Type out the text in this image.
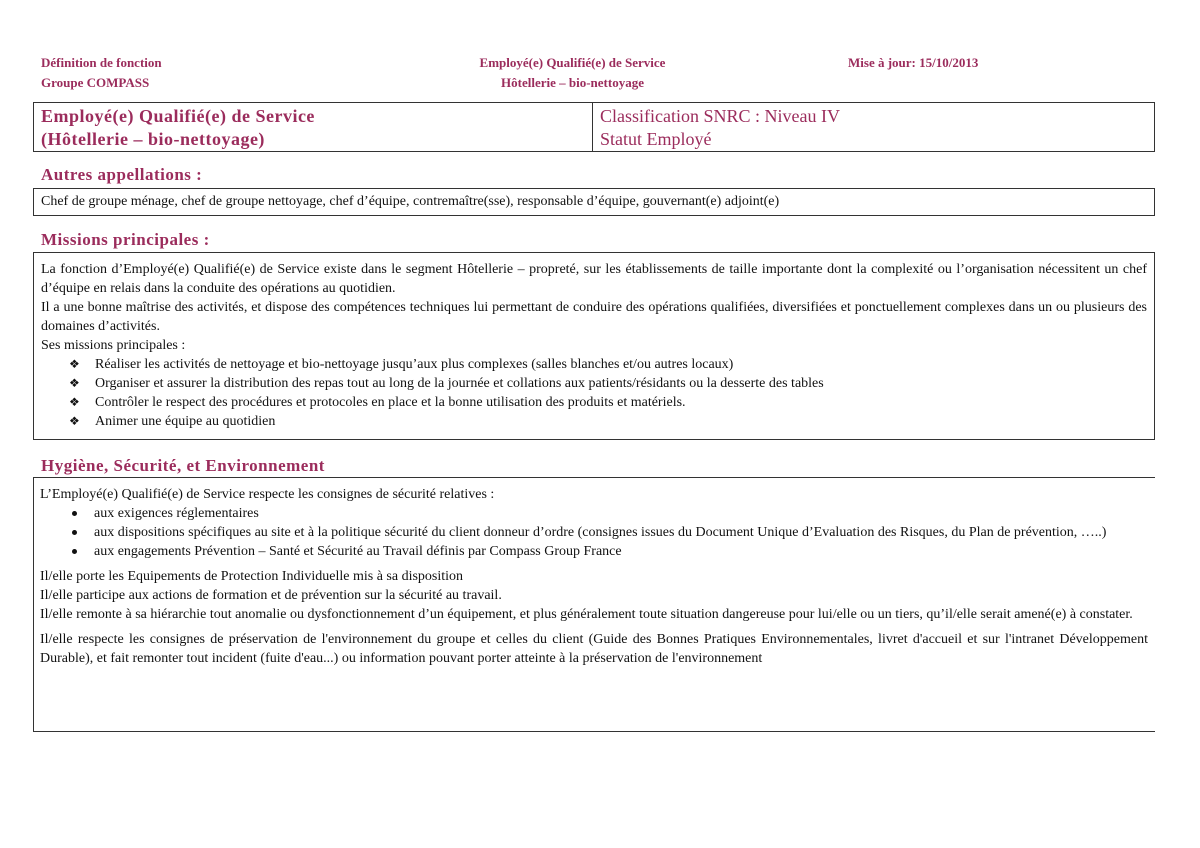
Définition de fonction
Groupe COMPASS
Employé(e) Qualifié(e) de Service
Hôtellerie – bio-nettoyage
Mise à jour: 15/10/2013
Employé(e) Qualifié(e) de Service
(Hôtellerie – bio-nettoyage)
Classification SNRC : Niveau IV
Statut Employé
Autres appellations :
Chef de groupe ménage, chef de groupe nettoyage, chef d’équipe, contremaître(sse), responsable d’équipe, gouvernant(e) adjoint(e)
Missions principales :
La fonction d’Employé(e) Qualifié(e) de Service existe dans le segment Hôtellerie – propreté, sur les établissements de taille importante dont la complexité ou l’organisation nécessitent un chef d’équipe en relais dans la conduite des opérations au quotidien.
Il a une bonne maîtrise des activités, et dispose des compétences techniques lui permettant de conduire des opérations qualifiées, diversifiées et ponctuellement complexes dans un ou plusieurs des domaines d’activités.
Ses missions principales :
❖ Réaliser les activités de nettoyage et bio-nettoyage jusqu’aux plus complexes (salles blanches et/ou autres locaux)
❖ Organiser et assurer la distribution des repas tout au long de la journée et collations aux patients/résidants ou la desserte des tables
❖ Contrôler le respect des procédures et protocoles en place et la bonne utilisation des produits et matériels.
❖ Animer une équipe au quotidien
Hygiène, Sécurité, et Environnement

L’Employé(e) Qualifié(e) de Service respecte les consignes de sécurité relatives :

aux exigences réglementaires
aux dispositions spécifiques au site et à la politique sécurité du client donneur d’ordre (consignes issues du Document Unique d’Evaluation des Risques, du Plan de prévention, …..)
aux engagements Prévention – Santé et Sécurité au Travail définis par Compass Group France

Il/elle porte les Equipements de Protection Individuelle mis à sa disposition

Il/elle participe aux actions de formation et de prévention sur la sécurité au travail.

Il/elle remonte à sa hiérarchie tout anomalie ou dysfonctionnement d’un équipement, et plus généralement toute situation dangereuse pour lui/elle ou un tiers, qu’il/elle serait amené(e) à constater.

Il/elle respecte les consignes de préservation de l'environnement du groupe et celles du client (Guide des Bonnes Pratiques Environnementales, livret d'accueil et sur l'intranet Développement Durable), et fait remonter tout incident (fuite d'eau...) ou information pouvant porter atteinte à la préservation de l'environnement
